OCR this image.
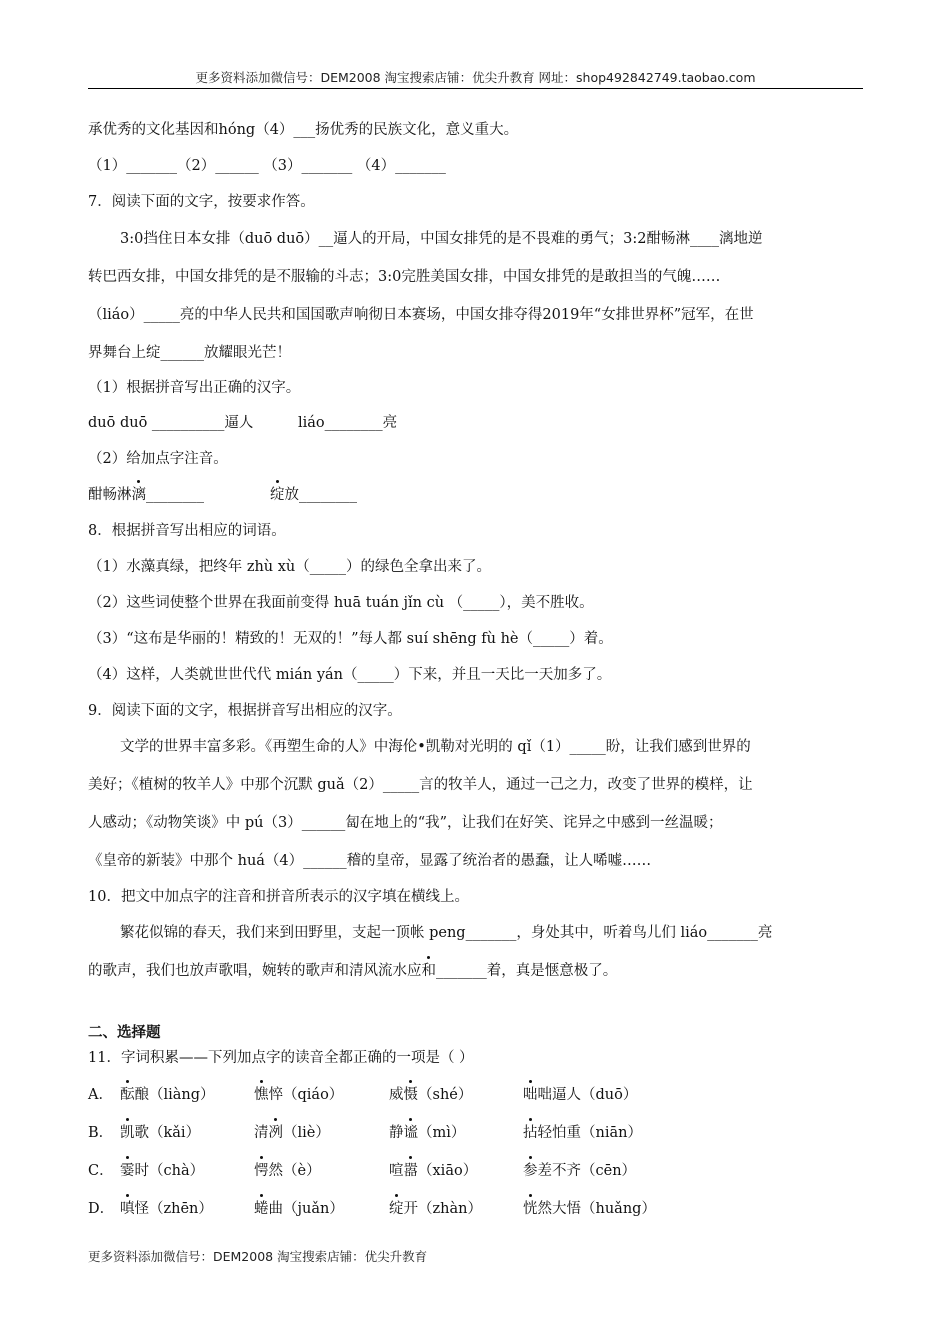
更多资料添加微信号：DEM2008 淘宝搜索店铺：优尖升教育 网址：shop492842749.taobao.com
承优秀的文化基因和hóng（4）___扬优秀的民族文化，意义重大。
（1）_______（2）______ （3）_______ （4）_______
7．阅读下面的文字，按要求作答。
3:0挡住日本女排（duō duō）__逼人的开局，中国女排凭的是不畏难的勇气；3:2酣畅淋____漓地逆
转巴西女排，中国女排凭的是不服输的斗志；3:0完胜美国女排，中国女排凭的是敢担当的气魄……
（liáo）_____亮的中华人民共和国国歌声响彻日本赛场，中国女排夺得2019年“女排世界杯”冠军，在世
界舞台上绽______放耀眼光芒！
（1）根据拼音写出正确的汉字。
duō duō __________逼人	liáo________亮
（2）给加点字注音。
酣畅淋漓________	绽放________
8．根据拼音写出相应的词语。
（1）水藻真绿，把终年 zhù xù（_____）的绿色全拿出来了。
（2）这些词使整个世界在我面前变得 huā tuán jǐn cù （_____），美不胜收。
（3）“这布是华丽的！精致的！无双的！”每人都 suí shēng fù hè（_____）着。
（4）这样，人类就世世代代 mián yán（_____）下来，并且一天比一天加多了。
9．阅读下面的文字，根据拼音写出相应的汉字。
文学的世界丰富多彩。《再塑生命的人》中海伦•凯勒对光明的 qǐ（1）_____盼，让我们感到世界的
美好；《植树的牧羊人》中那个沉默 guǎ（2）_____言的牧羊人，通过一己之力，改变了世界的模样，让
人感动；《动物笑谈》中 pú（3）______匐在地上的“我”，让我们在好笑、诧异之中感到一丝温暖；
《皇帝的新装》中那个 huá（4）______稽的皇帝，显露了统治者的愚蠢，让人唏嘘……
10．把文中加点字的注音和拼音所表示的汉字填在横线上。
繁花似锦的春天，我们来到田野里，支起一顶帐 peng_______，身处其中，听着鸟儿们 liáo_______亮
的歌声，我们也放声歌唱，婉转的歌声和清风流水应和_______着，真是惬意极了。
二、选择题
11．字词积累——下列加点字的读音全都正确的一项是（ ）
A． 酝酿（liàng）	憔悴（qiáo）	威慑（shé）	咄咄逼人（duō）
B． 凯歌（kǎi）	清冽（liè）	静谧（mì）	拈轻怕重（niān）
C． 霎时（chà）	愕然（è）	喧嚣（xiāo）	参差不齐（cēn）
D． 嗔怪（zhēn）	蜷曲（juǎn）	绽开（zhàn）	恍然大悟（huǎng）
更多资料添加微信号：DEM2008 淘宝搜索店铺：优尖升教育
